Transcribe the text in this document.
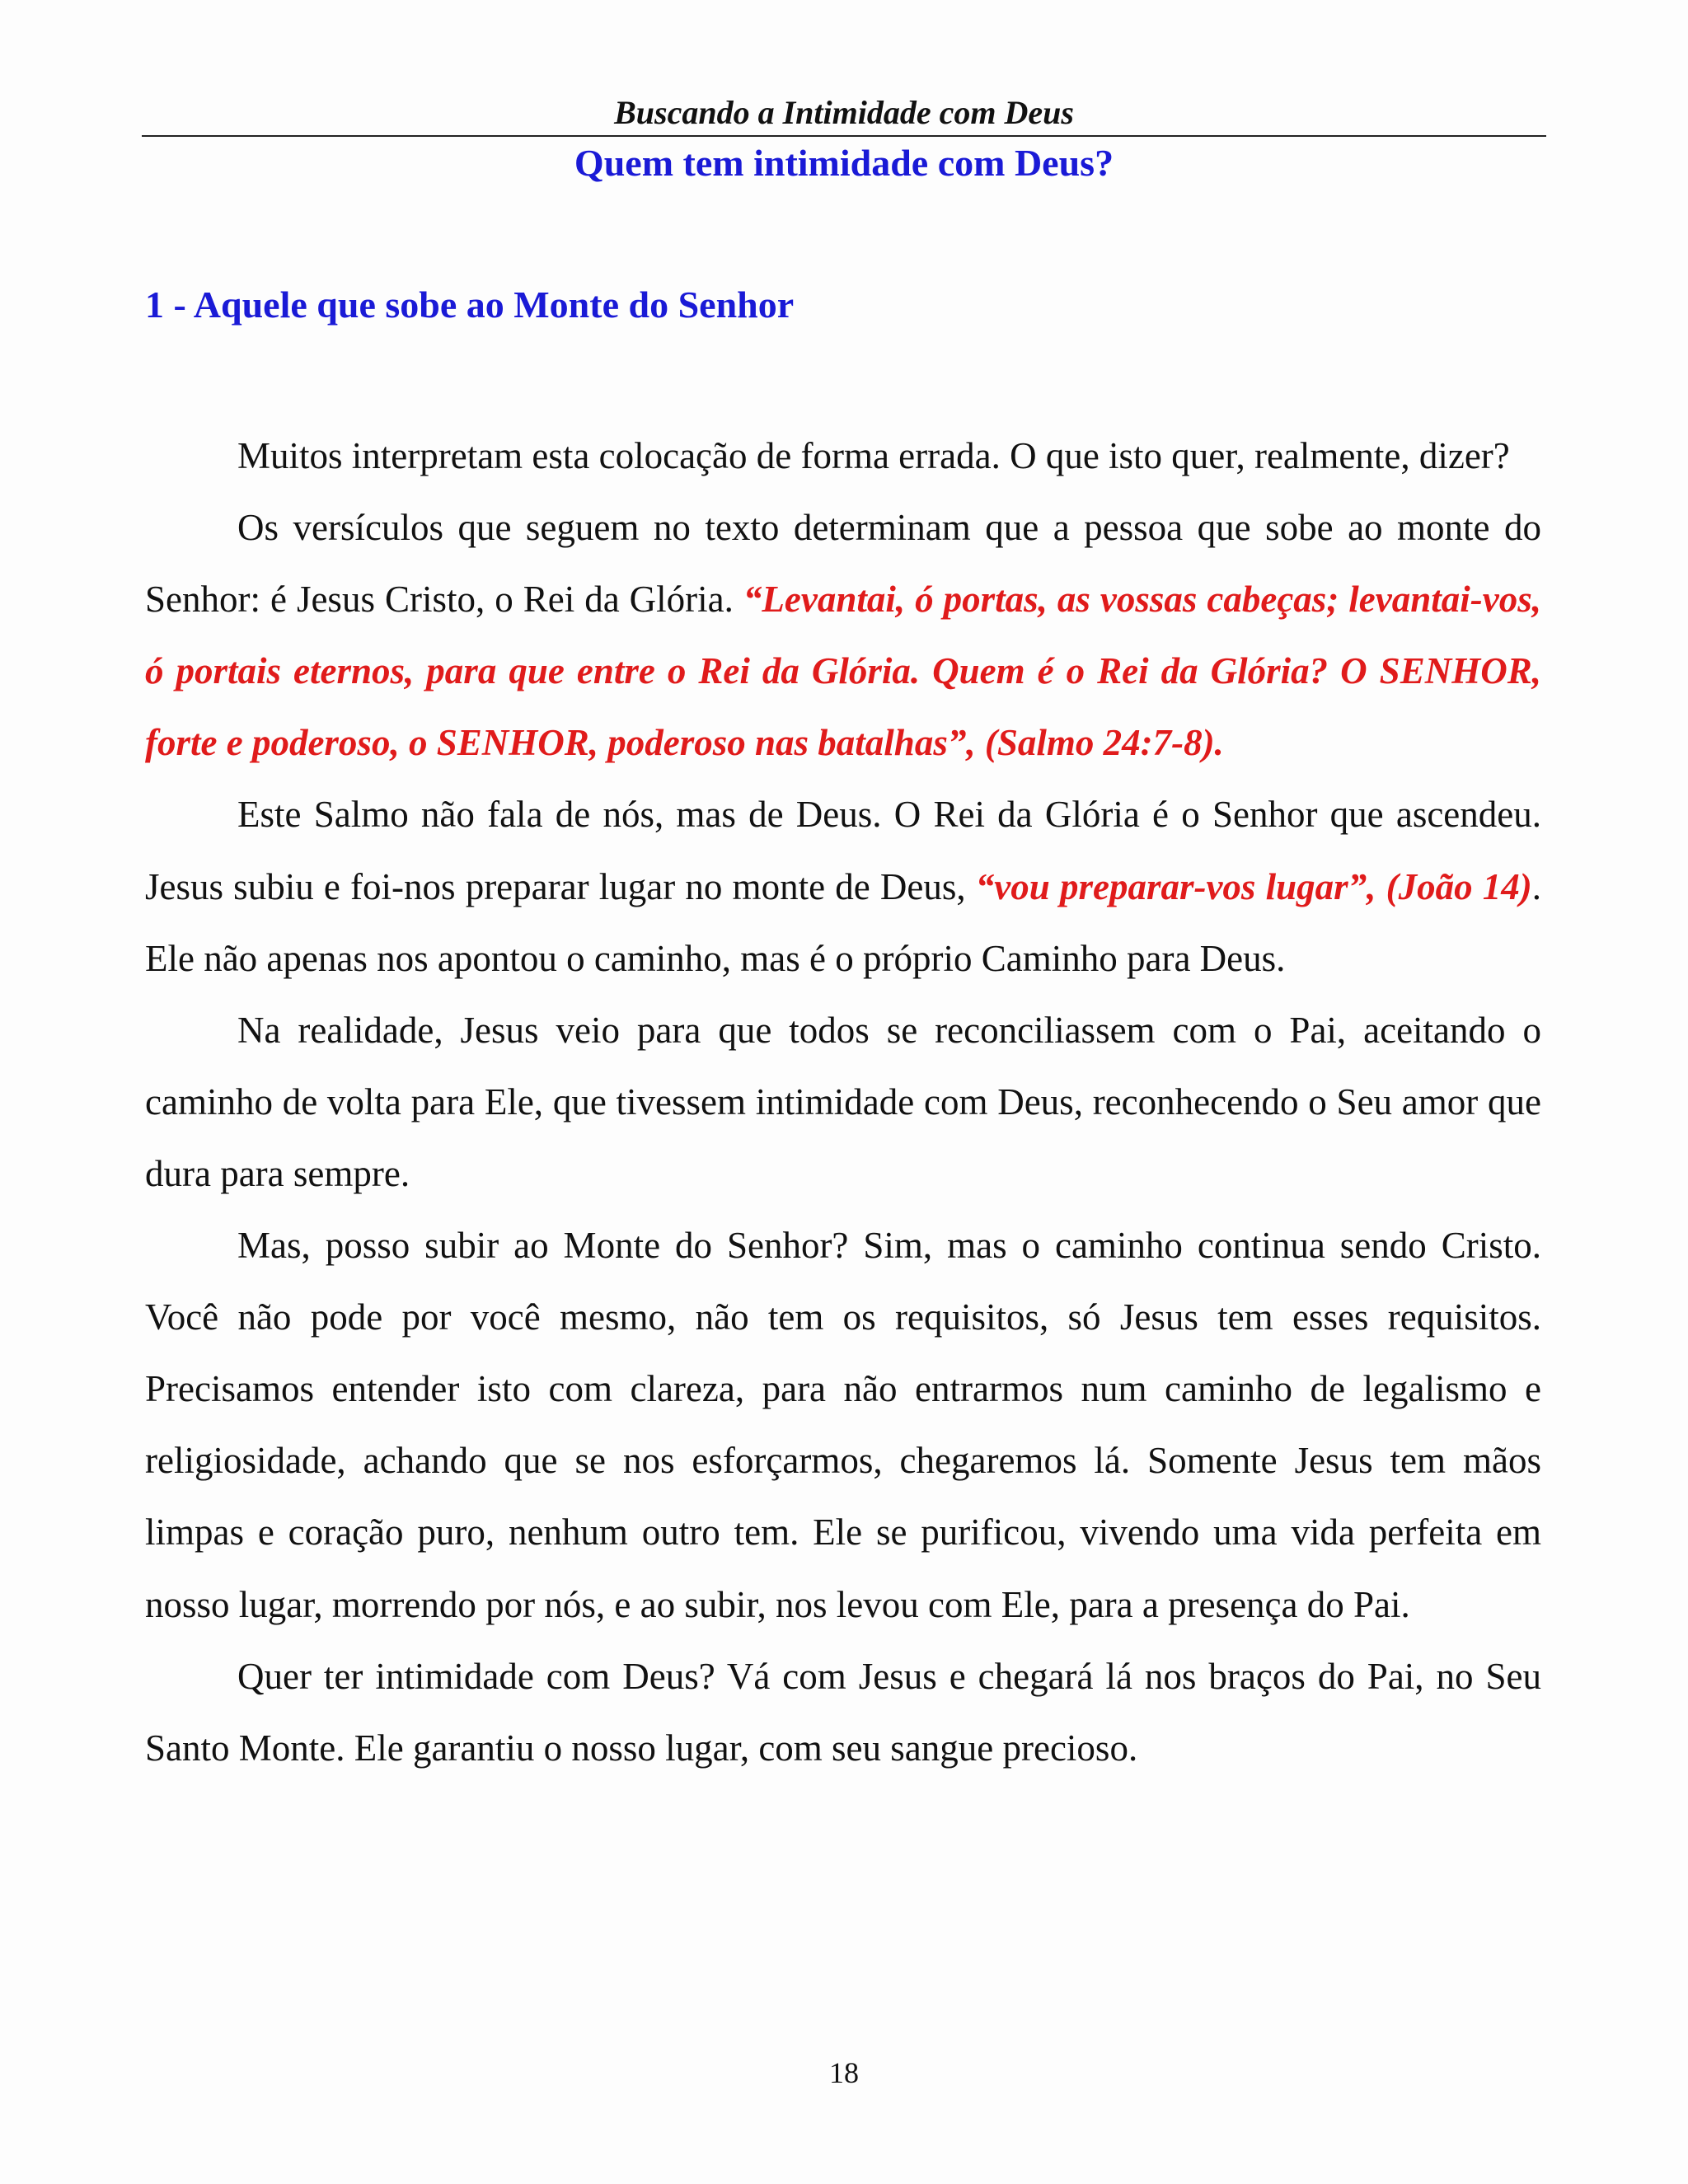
Buscando a Intimidade com Deus
Quem tem intimidade com Deus?
1 - Aquele que sobe ao Monte do Senhor

Muitos interpretam esta colocação de forma errada. O que isto quer, realmente, dizer?

Os versículos que seguem no texto determinam que a pessoa que sobe ao monte do Senhor: é Jesus Cristo, o Rei da Glória. “Levantai, ó portas, as vossas cabeças; levantai-vos, ó portais eternos, para que entre o Rei da Glória. Quem é o Rei da Glória? O SENHOR, forte e poderoso, o SENHOR, poderoso nas batalhas”, (Salmo 24:7-8).

Este Salmo não fala de nós, mas de Deus. O Rei da Glória é o Senhor que ascendeu. Jesus subiu e foi-nos preparar lugar no monte de Deus, “vou preparar-vos lugar”, (João 14). Ele não apenas nos apontou o caminho, mas é o próprio Caminho para Deus.

Na realidade, Jesus veio para que todos se reconciliassem com o Pai, aceitando o caminho de volta para Ele, que tivessem intimidade com Deus, reconhecendo o Seu amor que dura para sempre.

Mas, posso subir ao Monte do Senhor? Sim, mas o caminho continua sendo Cristo. Você não pode por você mesmo, não tem os requisitos, só Jesus tem esses requisitos. Precisamos entender isto com clareza, para não entrarmos num caminho de legalismo e religiosidade, achando que se nos esforçarmos, chegaremos lá. Somente Jesus tem mãos limpas e coração puro, nenhum outro tem. Ele se purificou, vivendo uma vida perfeita em nosso lugar, morrendo por nós, e ao subir, nos levou com Ele, para a presença do Pai.

Quer ter intimidade com Deus? Vá com Jesus e chegará lá nos braços do Pai, no Seu Santo Monte. Ele garantiu o nosso lugar, com seu sangue precioso.

18
